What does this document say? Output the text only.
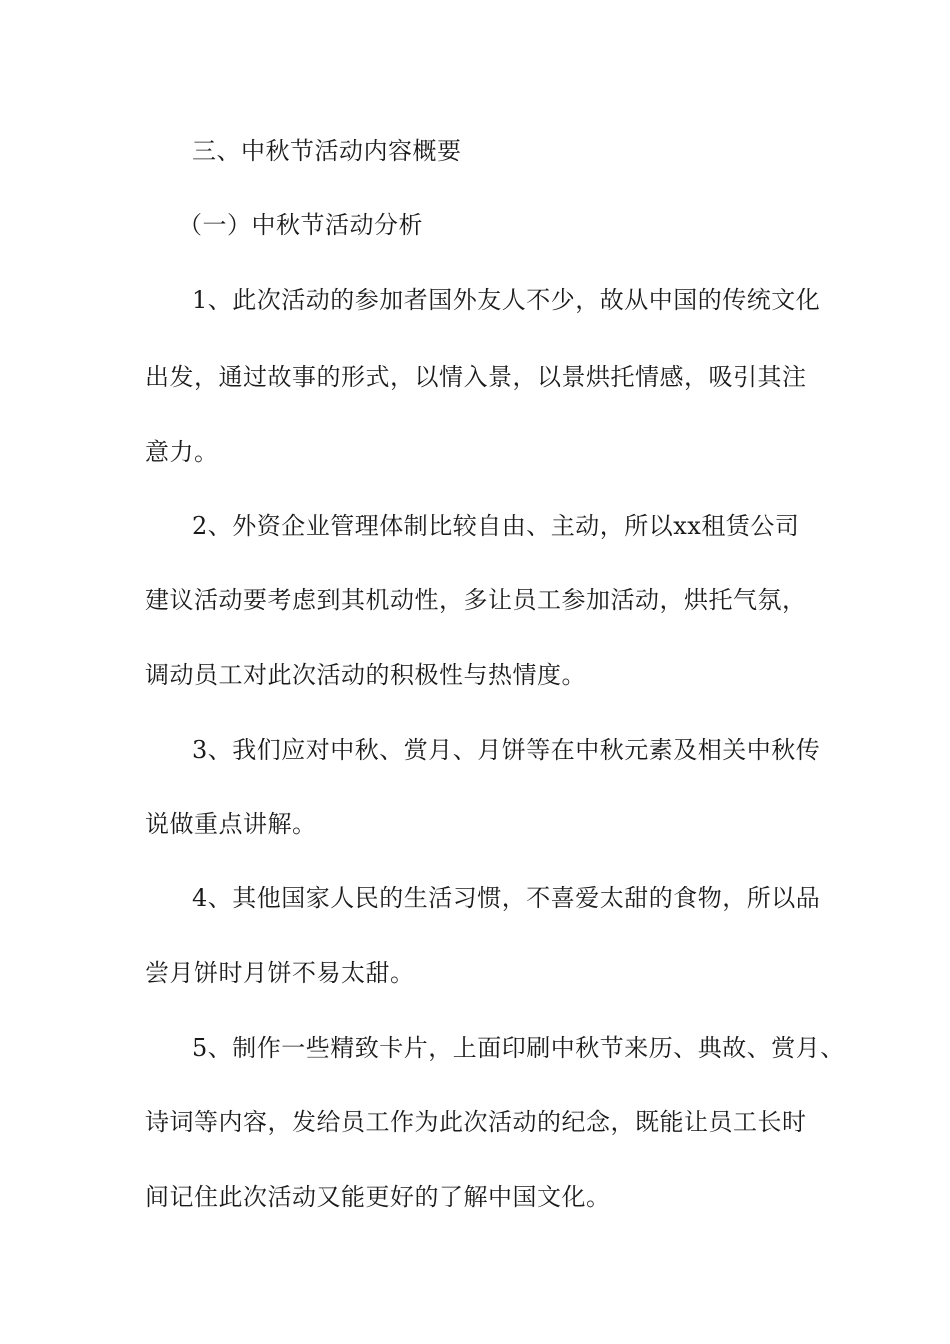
三、中秋节活动内容概要

（一）中秋节活动分析

1、此次活动的参加者国外友人不少，故从中国的传统文化

出发，通过故事的形式，以情入景，以景烘托情感，吸引其注

意力。

2、外资企业管理体制比较自由、主动，所以xx租赁公司

建议活动要考虑到其机动性，多让员工参加活动，烘托气氛，

调动员工对此次活动的积极性与热情度。

3、我们应对中秋、赏月、月饼等在中秋元素及相关中秋传

说做重点讲解。

4、其他国家人民的生活习惯，不喜爱太甜的食物，所以品

尝月饼时月饼不易太甜。

5、制作一些精致卡片，上面印刷中秋节来历、典故、赏月、

诗词等内容，发给员工作为此次活动的纪念，既能让员工长时

间记住此次活动又能更好的了解中国文化。
